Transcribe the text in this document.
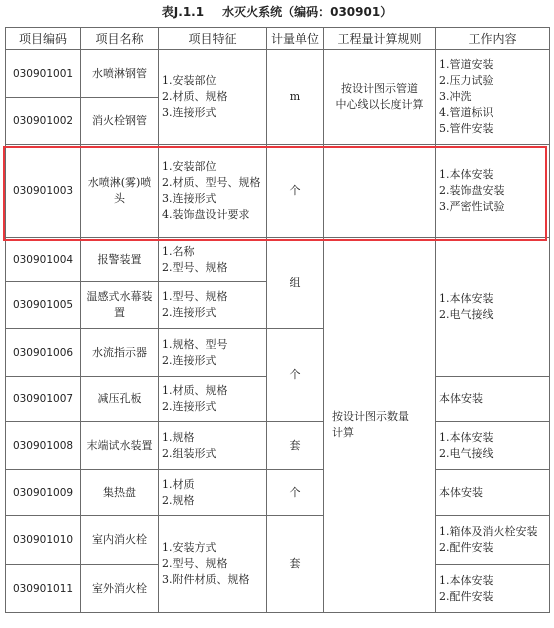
表J.1.1 水灭火系统（编码：030901）
项目编码	项目名称	项目特征	计量单位	工程量计算规则	工作内容
030901001	水喷淋钢管	1.安装部位
2.材质、规格
3.连接形式	m	按设计图示管道
中心线以长度计算	1.管道安装
2.压力试验
3.冲洗
4.管道标识
5.管件安装

030901002	消火栓钢管				
030901003	水喷淋(雾)喷头	1.安装部位
2.材质、型号、规格
3.连接形式
4.装饰盘设计要求	个		1.本体安装
2.装饰盘安装
3.严密性试验

030901004	报警装置	1.名称
2.型号、规格	组	按设计图示数量
计算	1.本体安装
2.电气接线

030901005	温感式水幕装置	1.型号、规格
2.连接形式			

030901006	水流指示器	1.规格、型号
2.连接形式	个		
030901007	减压孔板	1.材质、规格
2.连接形式			本体安装
030901008	末端试水装置	1.规格
2.组装形式	套		1.本体安装
2.电气接线

030901009	集热盘	1.材质
2.规格	个		本体安装
030901010	室内消火栓	1.安装方式
2.型号、规格
3.附件材质、规格	套		1.箱体及消火栓安装
2.配件安装

030901011	室外消火栓				1.本体安装
2.配件安装
